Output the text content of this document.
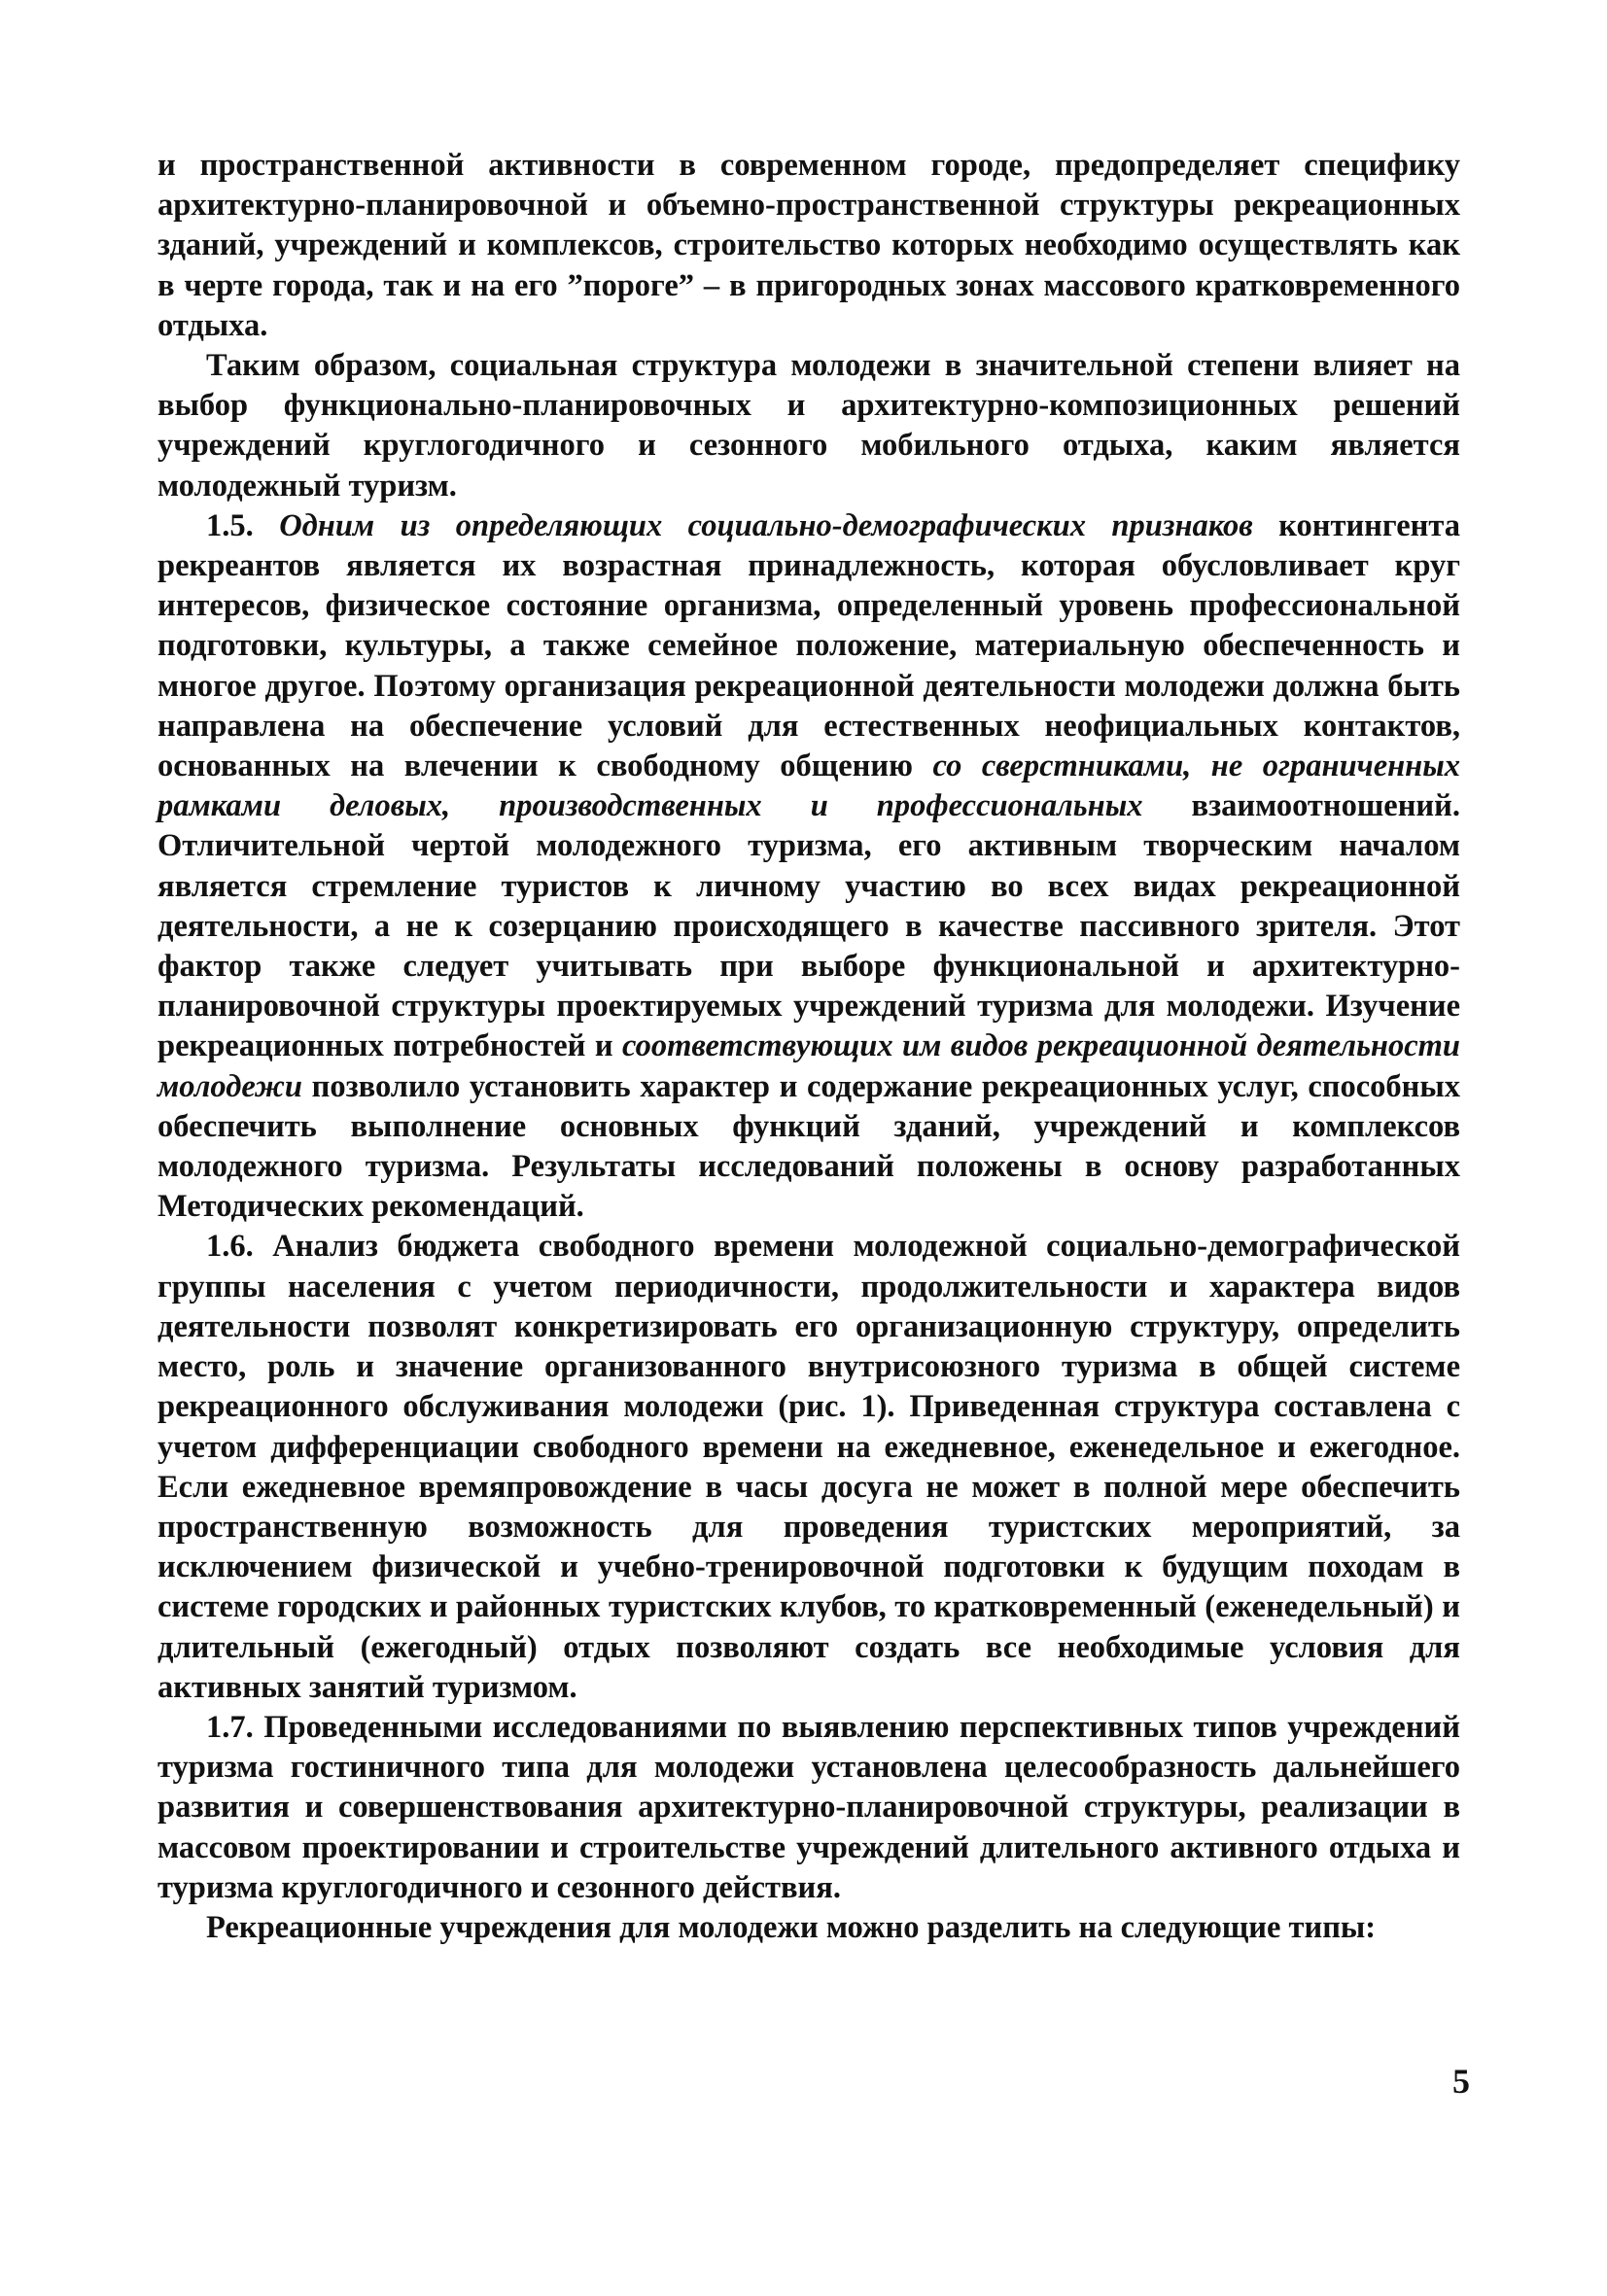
и пространственной активности в современном городе, предопределяет специфику архитектурно-планировочной и объемно-пространственной структуры рекреационных зданий, учреждений и комплексов, строительство которых необходимо осуществлять как в черте города, так и на его ”пороге” – в пригородных зонах массового кратковременного отдыха.

Таким образом, социальная структура молодежи в значительной степени влияет на выбор функционально-планировочных и архитектурно-композиционных решений учреждений круглогодичного и сезонного мобильного отдыха, каким является молодежный туризм.

1.5. Одним из определяющих социально-демографических признаков контингента рекреантов является их возрастная принадлежность, которая обусловливает круг интересов, физическое состояние организма, определенный уровень профессиональной подготовки, культуры, а также семейное положение, материальную обеспеченность и многое другое. Поэтому организация рекреационной деятельности молодежи должна быть направлена на обеспечение условий для естественных неофициальных контактов, основанных на влечении к свободному общению со сверстниками, не ограниченных рамками деловых, производственных и профессиональных взаимоотношений. Отличительной чертой молодежного туризма, его активным творческим началом является стремление туристов к личному участию во всех видах рекреационной деятельности, а не к созерцанию происходящего в качестве пассивного зрителя. Этот фактор также следует учитывать при выборе функциональной и архитектурно-планировочной структуры проектируемых учреждений туризма для молодежи. Изучение рекреационных потребностей и соответствующих им видов рекреационной деятельности молодежи позволило установить характер и содержание рекреационных услуг, способных обеспечить выполнение основных функций зданий, учреждений и комплексов молодежного туризма. Результаты исследований положены в основу разработанных Методических рекомендаций.

1.6. Анализ бюджета свободного времени молодежной социально-демографической группы населения с учетом периодичности, продолжительности и характера видов деятельности позволят конкретизировать его организационную структуру, определить место, роль и значение организованного внутрисоюзного туризма в общей системе рекреационного обслуживания молодежи (рис. 1). Приведенная структура составлена с учетом дифференциации свободного времени на ежедневное, еженедельное и ежегодное. Если ежедневное времяпровождение в часы досуга не может в полной мере обеспечить пространственную возможность для проведения туристских мероприятий, за исключением физической и учебно-тренировочной подготовки к будущим походам в системе городских и районных туристских клубов, то кратковременный (еженедельный) и длительный (ежегодный) отдых позволяют создать все необходимые условия для активных занятий туризмом.

1.7. Проведенными исследованиями по выявлению перспективных типов учреждений туризма гостиничного типа для молодежи установлена целесообразность дальнейшего развития и совершенствования архитектурно-планировочной структуры, реализации в массовом проектировании и строительстве учреждений длительного активного отдыха и туризма круглогодичного и сезонного действия.

Рекреационные учреждения для молодежи можно разделить на следующие типы:

5
